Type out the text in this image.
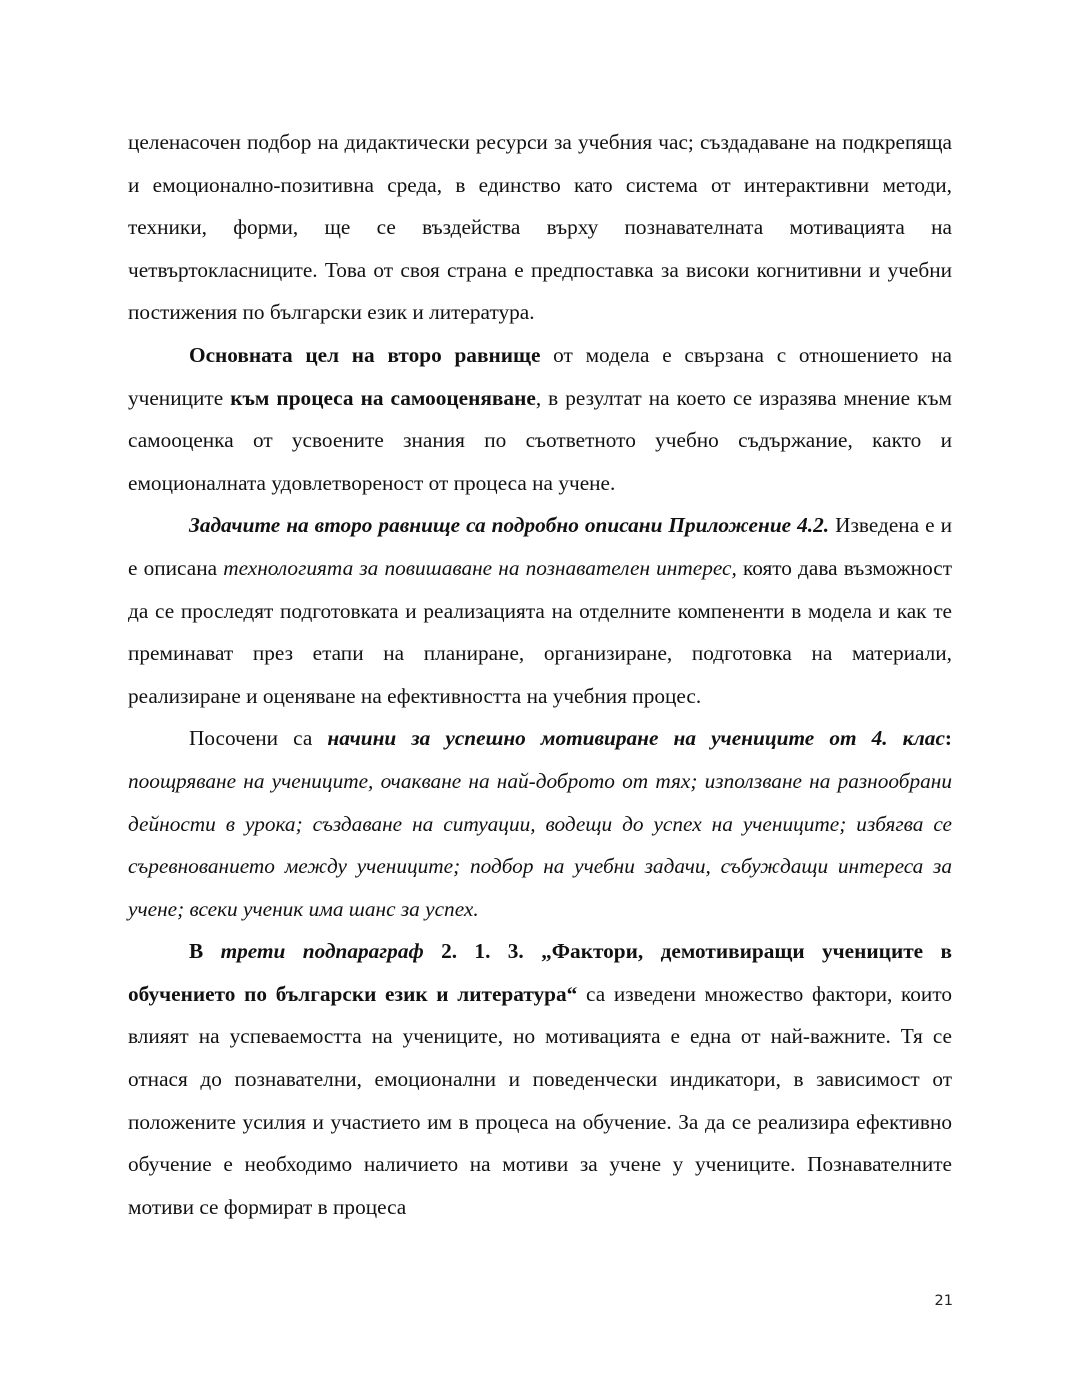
целенасочен подбор на дидактически ресурси за учебния час; създадаване на подкрепяща и емоционално-позитивна среда, в единство като система от интерактивни методи, техники, форми, ще се въздейства върху познавателната мотивацията на четвъртокласниците. Това от своя страна е предпоставка за високи когнитивни и учебни постижения по български език и литература.

Основната цел на второ равнище от модела е свързана с отношението на учениците към процеса на самооценяване, в резултат на което се изразява мнение към самооценка от усвоените знания по съответното учебно съдържание, както и емоционалната удовлетвореност от процеса на учене.

Задачите на второ равнище са подробно описани Приложение 4.2. Изведена е и е описана технологията за повишаване на познавателен интерес, която дава възможност да се проследят подготовката и реализацията на отделните компененти в модела и как те преминават през етапи на планиране, организиране, подготовка на материали, реализиране и оценяване на ефективността на учебния процес.

Посочени са начини за успешно мотивиране на учениците от 4. клас: поощряване на учениците, очакване на най-доброто от тях; използване на разнообрани дейности в урока; създаване на ситуации, водещи до успех на учениците; избягва се съревнованието между учениците; подбор на учебни задачи, събуждащи интереса за учене; всеки ученик има шанс за успех.

В трети подпараграф 2. 1. 3. „Фактори, демотивиращи учениците в обучението по български език и литература“ са изведени множество фактори, които влияят на успеваемостта на учениците, но мотивацията е една от най-важните. Тя се отнася до познавателни, емоционални и поведенчески индикатори, в зависимост от положените усилия и участието им в процеса на обучение. За да се реализира ефективно обучение е необходимо наличието на мотиви за учене у учениците. Познавателните мотиви се формират в процеса

21
